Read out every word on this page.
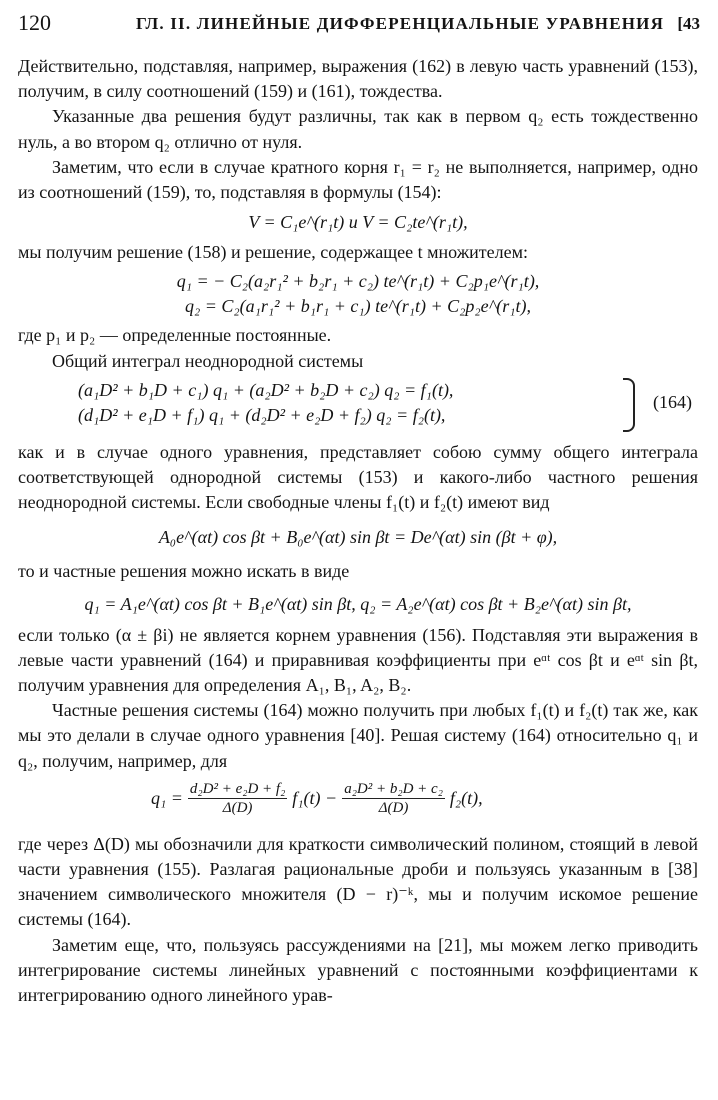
120	ГЛ. II. ЛИНЕЙНЫЕ ДИФФЕРЕНЦИАЛЬНЫЕ УРАВНЕНИЯ [43

Действительно, подставляя, например, выражения (162) в левую часть уравнений (153), получим, в силу соотношений (159) и (161), тождества.

Указанные два решения будут различны, так как в первом q₂ есть тождественно нуль, а во втором q₂ отлично от нуля.

Заметим, что если в случае кратного корня r₁ = r₂ не выполняется, например, одно из соотношений (159), то, подставляя в формулы (154):

V = C₁e^(r₁t) и V = C₂te^(r₁t),

мы получим решение (158) и решение, содержащее t множителем:

q₁ = − C₂(a₂r₁² + b₂r₁ + c₂) te^(r₁t) + C₂p₁e^(r₁t),
q₂ = C₂(a₁r₁² + b₁r₁ + c₁) te^(r₁t) + C₂p₂e^(r₁t),

где p₁ и p₂ — определенные постоянные.

Общий интеграл неоднородной системы

(a₁D² + b₁D + c₁) q₁ + (a₂D² + b₂D + c₂) q₂ = f₁(t),
(d₁D² + e₁D + f₁) q₁ + (d₂D² + e₂D + f₂) q₂ = f₂(t),
(164)

как и в случае одного уравнения, представляет собою сумму общего интеграла соответствующей однородной системы (153) и какого-либо частного решения неоднородной системы. Если свободные члены f₁(t) и f₂(t) имеют вид

A₀e^(αt) cos βt + B₀e^(αt) sin βt = De^(αt) sin (βt + φ),

то и частные решения можно искать в виде

q₁ = A₁e^(αt) cos βt + B₁e^(αt) sin βt, q₂ = A₂e^(αt) cos βt + B₂e^(αt) sin βt,

если только (α ± βi) не является корнем уравнения (156). Подставляя эти выражения в левые части уравнений (164) и приравнивая коэффициенты при eᵅᵗ cos βt и eᵅᵗ sin βt, получим уравнения для определения A₁, B₁, A₂, B₂.

Частные решения системы (164) можно получить при любых f₁(t) и f₂(t) так же, как мы это делали в случае одного уравнения [40]. Решая систему (164) относительно q₁ и q₂, получим, например, для

$q_1 = \frac{\text{d₂D² + e₂D + f₂}}{\Delta(D)} f_1(t) - \frac{\text{a₂D² + b₂D + c₂}}{\Delta(D)} f_2(t)$,

где через Δ(D) мы обозначили для краткости символический полином, стоящий в левой части уравнения (155). Разлагая рациональные дроби и пользуясь указанным в [38] значением символического множителя (D − r)⁻ᵏ, мы и получим искомое решение системы (164).

Заметим еще, что, пользуясь рассуждениями на [21], мы можем легко приводить интегрирование системы линейных уравнений с постоянными коэффициентами к интегрированию одного линейного урав-
